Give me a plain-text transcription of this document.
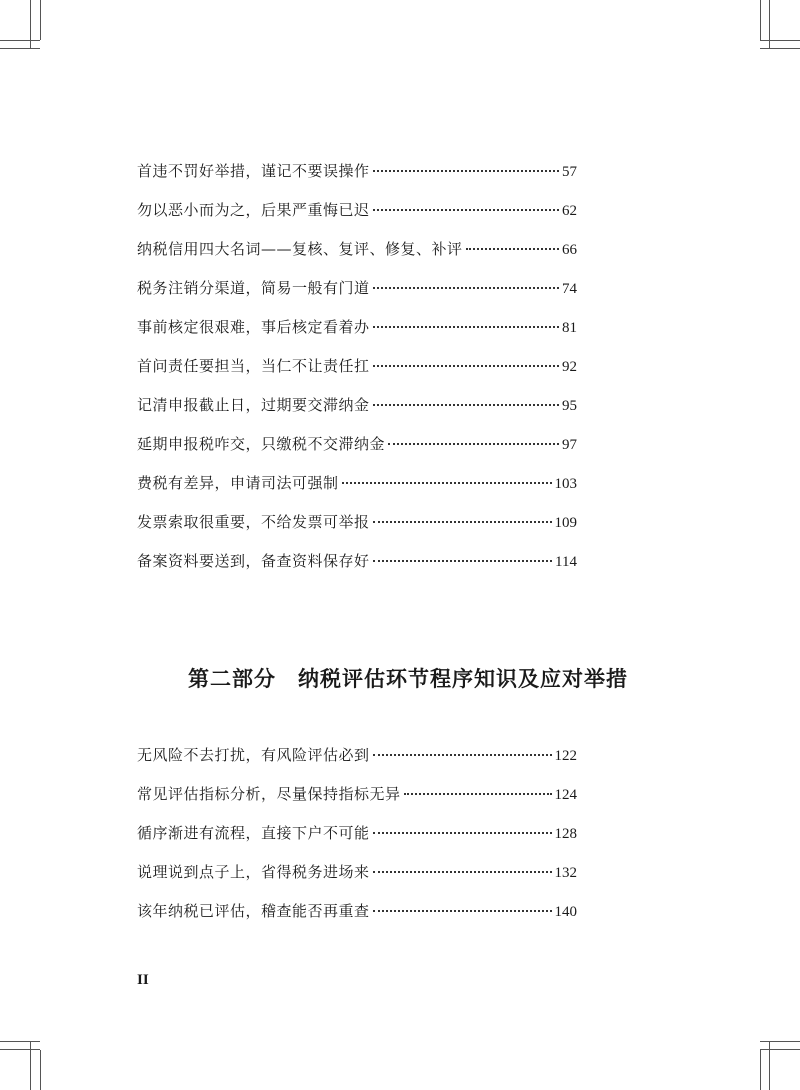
首违不罚好举措，谨记不要误操作	57
勿以恶小而为之，后果严重悔已迟	62
纳税信用四大名词——复核、复评、修复、补评	66
税务注销分渠道，简易一般有门道	74
事前核定很艰难，事后核定看着办	81
首问责任要担当，当仁不让责任扛	92
记清申报截止日，过期要交滞纳金	95
延期申报税咋交，只缴税不交滞纳金	97
费税有差异，申请司法可强制	103
发票索取很重要，不给发票可举报	109
备案资料要送到，备查资料保存好	114
第二部分　纳税评估环节程序知识及应对举措
无风险不去打扰，有风险评估必到	122
常见评估指标分析，尽量保持指标无异	124
循序渐进有流程，直接下户不可能	128
说理说到点子上，省得税务进场来	132
该年纳税已评估，稽查能否再重查	140
II
